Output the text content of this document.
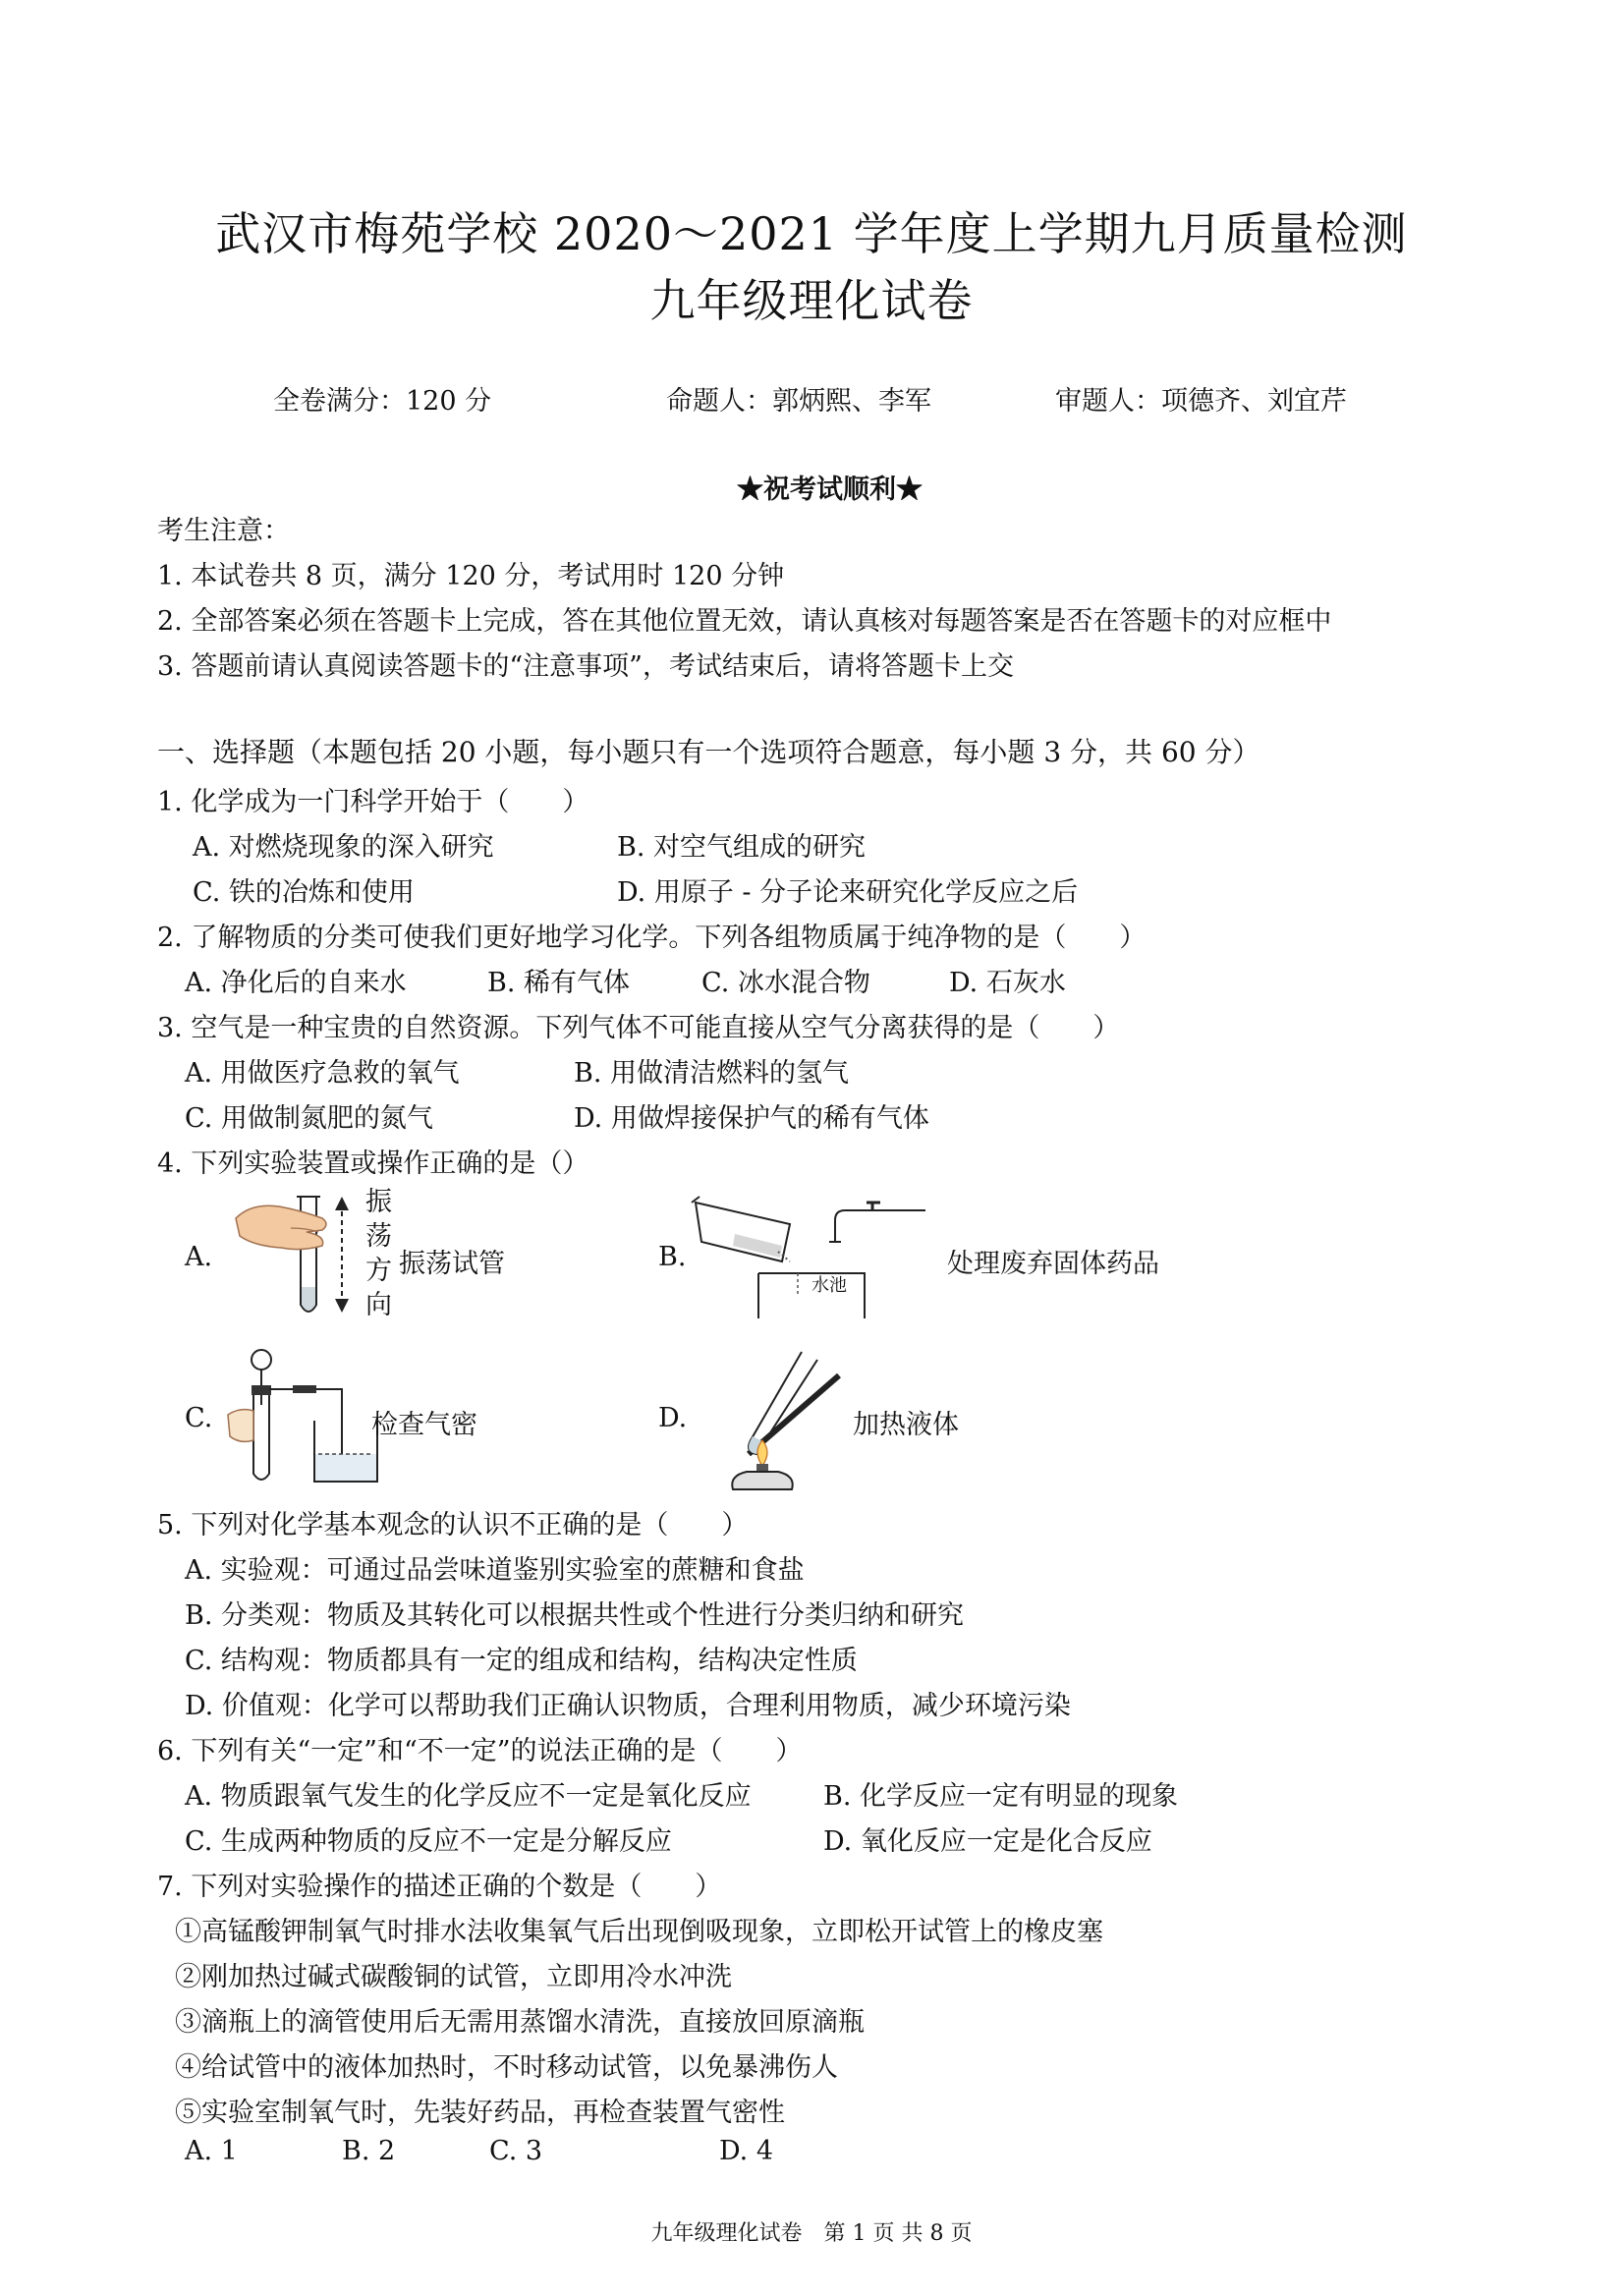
武汉市梅苑学校 2020～2021 学年度上学期九月质量检测
九年级理化试卷
全卷满分：120 分	命题人：郭炳熙、李军	审题人：项德齐、刘宜芹
★祝考试顺利★
考生注意：
1. 本试卷共 8 页，满分 120 分，考试用时 120 分钟
2. 全部答案必须在答题卡上完成，答在其他位置无效，请认真核对每题答案是否在答题卡的对应框中
3. 答题前请认真阅读答题卡的“注意事项”，考试结束后，请将答题卡上交
一、选择题（本题包括 20 小题，每小题只有一个选项符合题意，每小题 3 分，共 60 分）
1. 化学成为一门科学开始于（　　）
A. 对燃烧现象的深入研究	B. 对空气组成的研究
C. 铁的冶炼和使用	D. 用原子 - 分子论来研究化学反应之后
2. 了解物质的分类可使我们更好地学习化学。下列各组物质属于纯净物的是（　　）
A. 净化后的自来水	B. 稀有气体	C. 冰水混合物	D. 石灰水
3. 空气是一种宝贵的自然资源。下列气体不可能直接从空气分离获得的是（　　）
A. 用做医疗急救的氧气	B. 用做清洁燃料的氢气
C. 用做制氮肥的氮气	D. 用做焊接保护气的稀有气体
4. 下列实验装置或操作正确的是（）
A.
振
荡
方
向
振荡试管	B.
水池
处理废弃固体药品
C.	检查气密	D.	加热液体
5. 下列对化学基本观念的认识不正确的是（　　）
A. 实验观：可通过品尝味道鉴别实验室的蔗糖和食盐
B. 分类观：物质及其转化可以根据共性或个性进行分类归纳和研究
C. 结构观：物质都具有一定的组成和结构，结构决定性质
D. 价值观：化学可以帮助我们正确认识物质，合理利用物质，减少环境污染
6. 下列有关“一定”和“不一定”的说法正确的是（　　）
A. 物质跟氧气发生的化学反应不一定是氧化反应	B. 化学反应一定有明显的现象
C. 生成两种物质的反应不一定是分解反应	D. 氧化反应一定是化合反应
7. 下列对实验操作的描述正确的个数是（　　）
①高锰酸钾制氧气时排水法收集氧气后出现倒吸现象，立即松开试管上的橡皮塞
②刚加热过碱式碳酸铜的试管，立即用冷水冲洗
③滴瓶上的滴管使用后无需用蒸馏水清洗，直接放回原滴瓶
④给试管中的液体加热时，不时移动试管，以免暴沸伤人
⑤实验室制氧气时，先装好药品，再检查装置气密性
A. 1	B. 2	C. 3	D. 4
九年级理化试卷　第 1 页 共 8 页
